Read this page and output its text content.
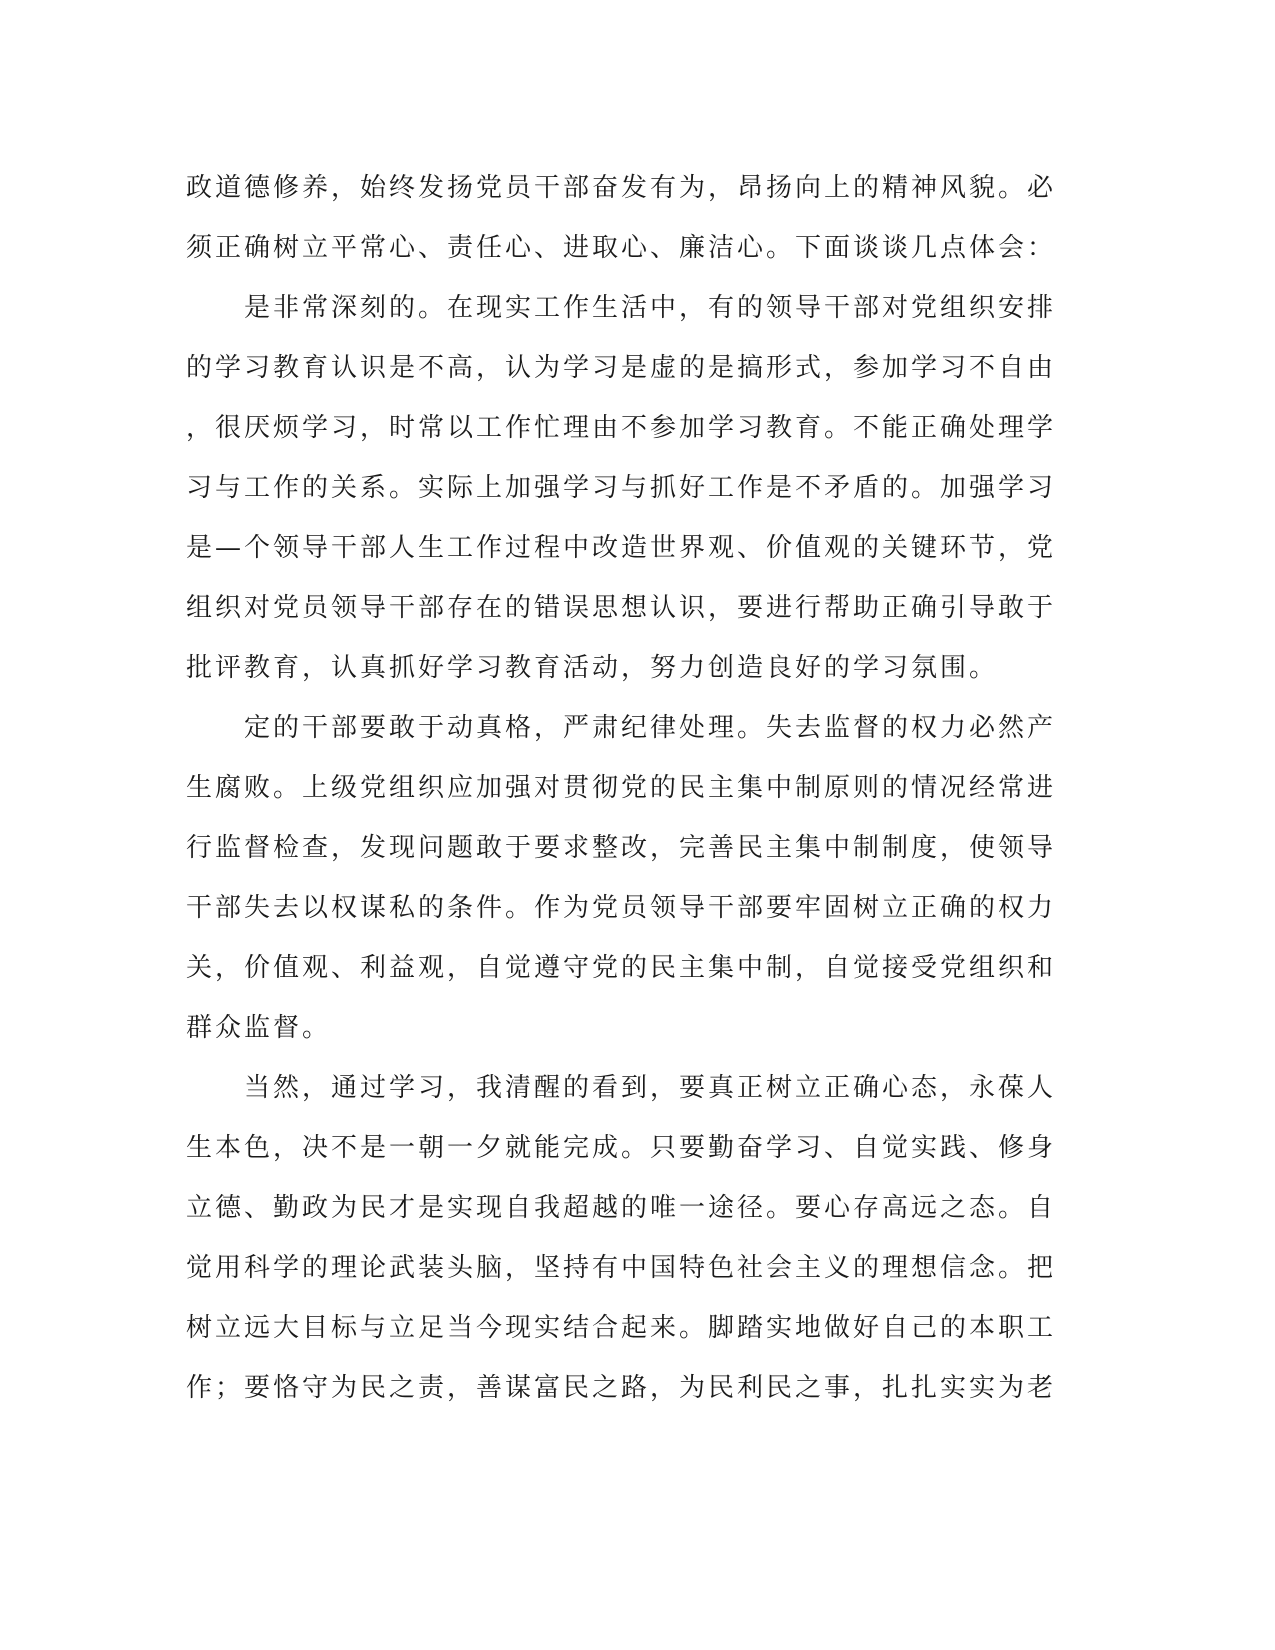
政道德修养，始终发扬党员干部奋发有为，昂扬向上的精神风貌。必
须正确树立平常心、责任心、进取心、廉洁心。下面谈谈几点体会：
　　是非常深刻的。在现实工作生活中，有的领导干部对党组织安排
的学习教育认识是不高，认为学习是虚的是搞形式，参加学习不自由
，很厌烦学习，时常以工作忙理由不参加学习教育。不能正确处理学
习与工作的关系。实际上加强学习与抓好工作是不矛盾的。加强学习
是—个领导干部人生工作过程中改造世界观、价值观的关键环节，党
组织对党员领导干部存在的错误思想认识，要进行帮助正确引导敢于
批评教育，认真抓好学习教育活动，努力创造良好的学习氛围。
　　定的干部要敢于动真格，严肃纪律处理。失去监督的权力必然产
生腐败。上级党组织应加强对贯彻党的民主集中制原则的情况经常进
行监督检查，发现问题敢于要求整改，完善民主集中制制度，使领导
干部失去以权谋私的条件。作为党员领导干部要牢固树立正确的权力
关，价值观、利益观，自觉遵守党的民主集中制，自觉接受党组织和
群众监督。
　　当然，通过学习，我清醒的看到，要真正树立正确心态，永葆人
生本色，决不是一朝一夕就能完成。只要勤奋学习、自觉实践、修身
立德、勤政为民才是实现自我超越的唯一途径。要心存高远之态。自
觉用科学的理论武装头脑，坚持有中国特色社会主义的理想信念。把
树立远大目标与立足当今现实结合起来。脚踏实地做好自己的本职工
作；要恪守为民之责，善谋富民之路，为民利民之事，扎扎实实为老
